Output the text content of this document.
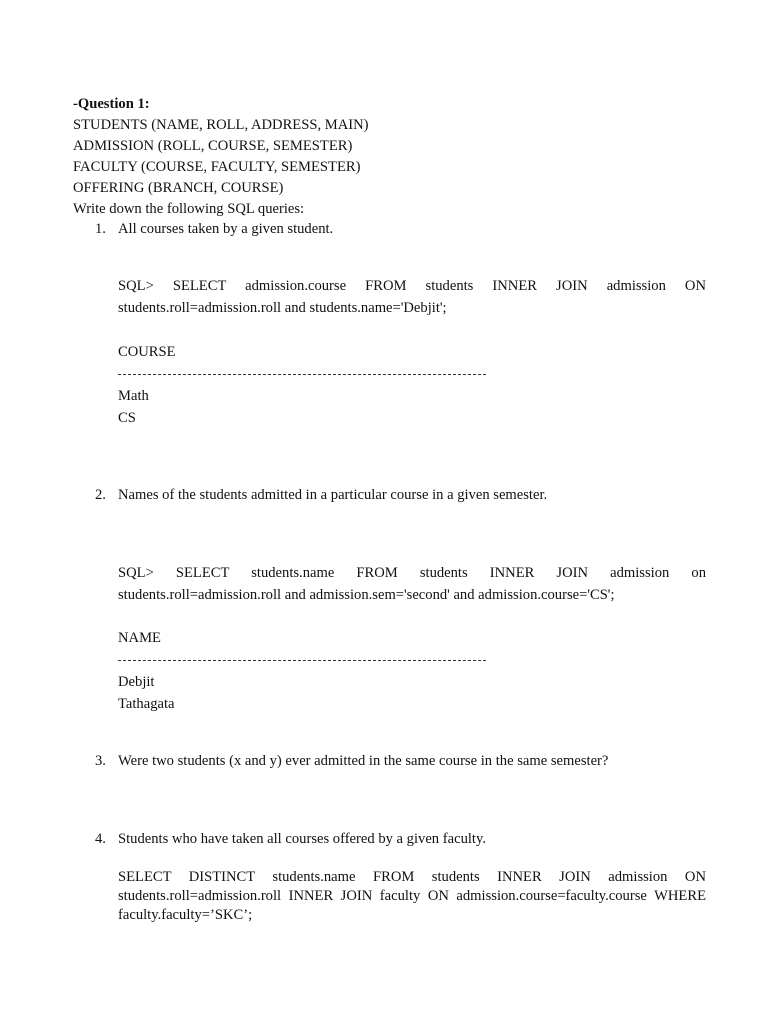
-Question 1:
STUDENTS (NAME, ROLL, ADDRESS, MAIN)
ADMISSION (ROLL, COURSE, SEMESTER)
FACULTY (COURSE, FACULTY, SEMESTER)
OFFERING (BRANCH, COURSE)
Write down the following SQL queries:
1. All courses taken by a given student.
SQL> SELECT admission.course FROM students INNER JOIN admission ON
students.roll=admission.roll and students.name='Debjit';
COURSE
Math
CS
2. Names of the students admitted in a particular course in a given semester.
SQL> SELECT students.name FROM students INNER JOIN admission on
students.roll=admission.roll and admission.sem='second' and admission.course='CS';
NAME
Debjit
Tathagata
3. Were two students (x and y) ever admitted in the same course in the same semester?
4. Students who have taken all courses offered by a given faculty.
SELECT DISTINCT students.name FROM students INNER JOIN admission ON
students.roll=admission.roll INNER JOIN faculty ON admission.course=faculty.course WHERE
faculty.faculty=’SKC’;
